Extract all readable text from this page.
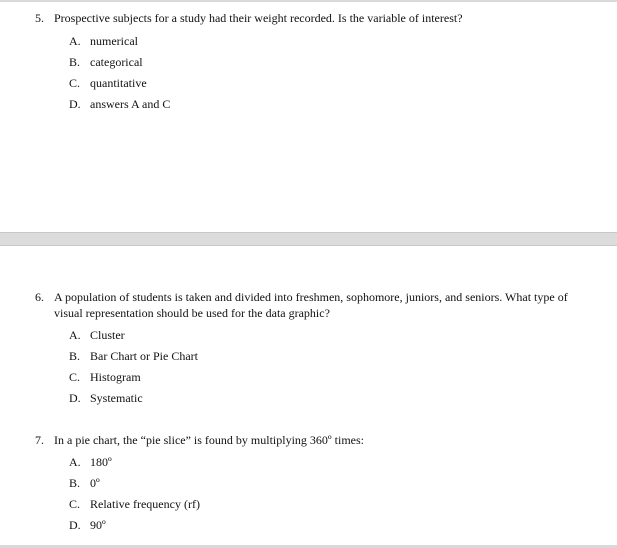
5. Prospective subjects for a study had their weight recorded. Is the variable of interest?
A. numerical
B. categorical
C. quantitative
D. answers A and C
6. A population of students is taken and divided into freshmen, sophomore, juniors, and seniors. What type of visual representation should be used for the data graphic?
A. Cluster
B. Bar Chart or Pie Chart
C. Histogram
D. Systematic
7. In a pie chart, the “pie slice” is found by multiplying 360º times:
A. 180º
B. 0º
C. Relative frequency (rf)
D. 90º
